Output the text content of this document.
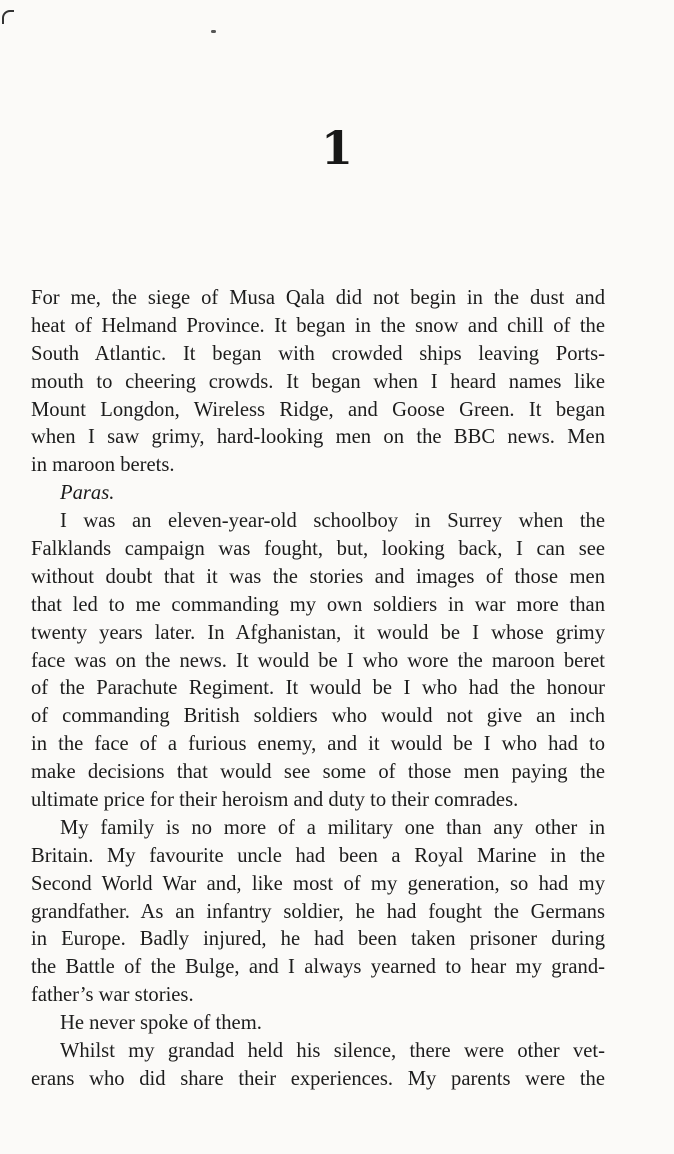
1
For me, the siege of Musa Qala did not begin in the dust and
heat of Helmand Province. It began in the snow and chill of the
South Atlantic. It began with crowded ships leaving Ports-
mouth to cheering crowds. It began when I heard names like
Mount Longdon, Wireless Ridge, and Goose Green. It began
when I saw grimy, hard-looking men on the BBC news. Men
in maroon berets.
Paras.
I was an eleven-year-old schoolboy in Surrey when the
Falklands campaign was fought, but, looking back, I can see
without doubt that it was the stories and images of those men
that led to me commanding my own soldiers in war more than
twenty years later. In Afghanistan, it would be I whose grimy
face was on the news. It would be I who wore the maroon beret
of the Parachute Regiment. It would be I who had the honour
of commanding British soldiers who would not give an inch
in the face of a furious enemy, and it would be I who had to
make decisions that would see some of those men paying the
ultimate price for their heroism and duty to their comrades.
My family is no more of a military one than any other in
Britain. My favourite uncle had been a Royal Marine in the
Second World War and, like most of my generation, so had my
grandfather. As an infantry soldier, he had fought the Germans
in Europe. Badly injured, he had been taken prisoner during
the Battle of the Bulge, and I always yearned to hear my grand-
father’s war stories.
He never spoke of them.
Whilst my grandad held his silence, there were other vet-
erans who did share their experiences. My parents were the
